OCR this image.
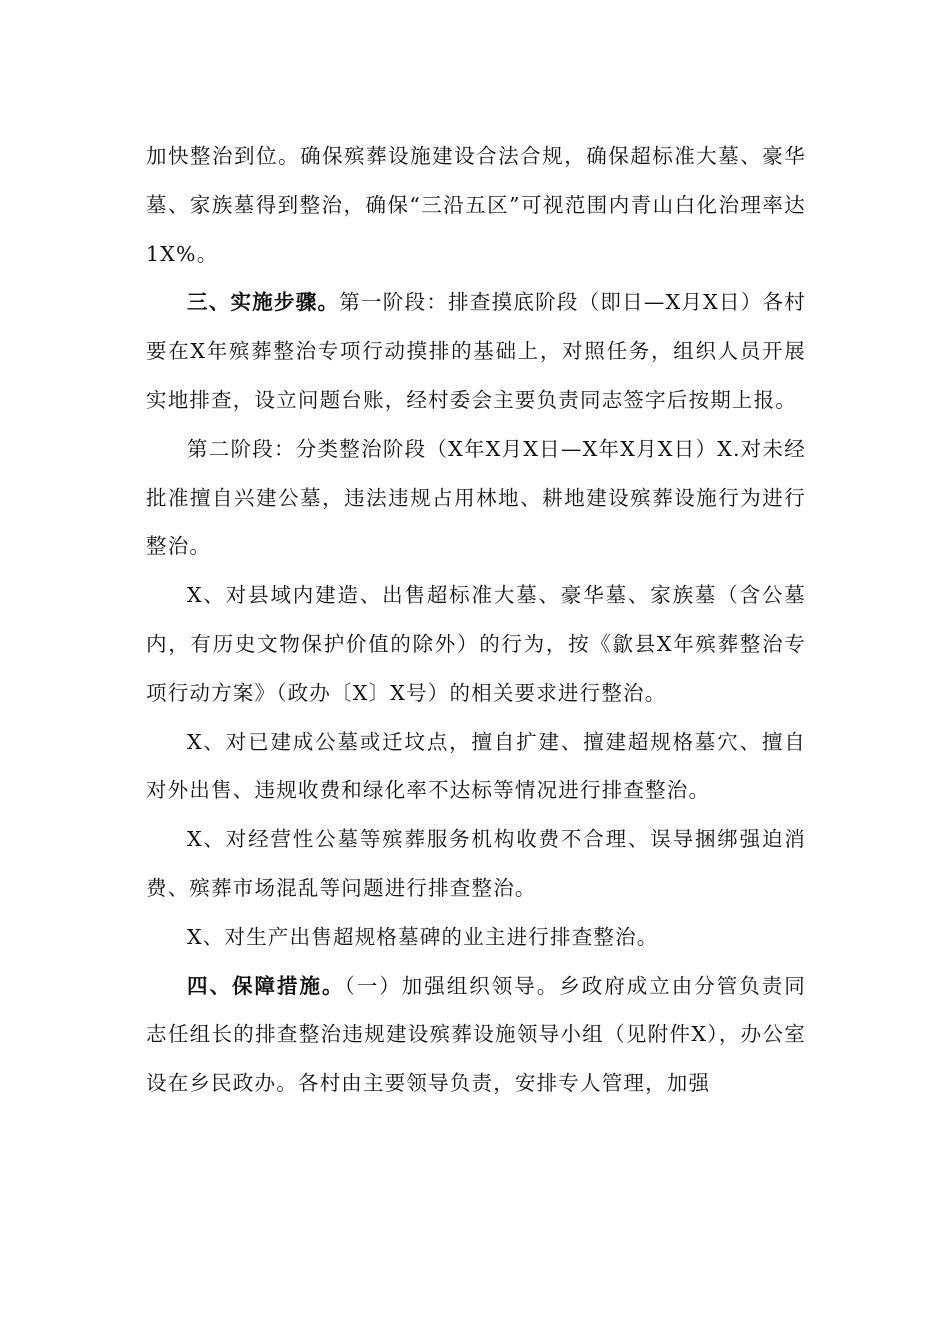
加快整治到位。确保殡葬设施建设合法合规，确保超标准大墓、豪华墓、家族墓得到整治，确保“三沿五区”可视范围内青山白化治理率达1X%。

三、实施步骤。第一阶段：排查摸底阶段（即日—X月X日）各村要在X年殡葬整治专项行动摸排的基础上，对照任务，组织人员开展实地排查，设立问题台账，经村委会主要负责同志签字后按期上报。

第二阶段：分类整治阶段（X年X月X日—X年X月X日）X.对未经批准擅自兴建公墓，违法违规占用林地、耕地建设殡葬设施行为进行整治。

X、对县域内建造、出售超标准大墓、豪华墓、家族墓（含公墓内，有历史文物保护价值的除外）的行为，按《歙县X年殡葬整治专项行动方案》（政办〔X〕X号）的相关要求进行整治。

X、对已建成公墓或迁坟点，擅自扩建、擅建超规格墓穴、擅自对外出售、违规收费和绿化率不达标等情况进行排查整治。

X、对经营性公墓等殡葬服务机构收费不合理、误导捆绑强迫消费、殡葬市场混乱等问题进行排查整治。

X、对生产出售超规格墓碑的业主进行排查整治。

四、保障措施。（一）加强组织领导。乡政府成立由分管负责同志任组长的排查整治违规建设殡葬设施领导小组（见附件X），办公室设在乡民政办。各村由主要领导负责，安排专人管理，加强
